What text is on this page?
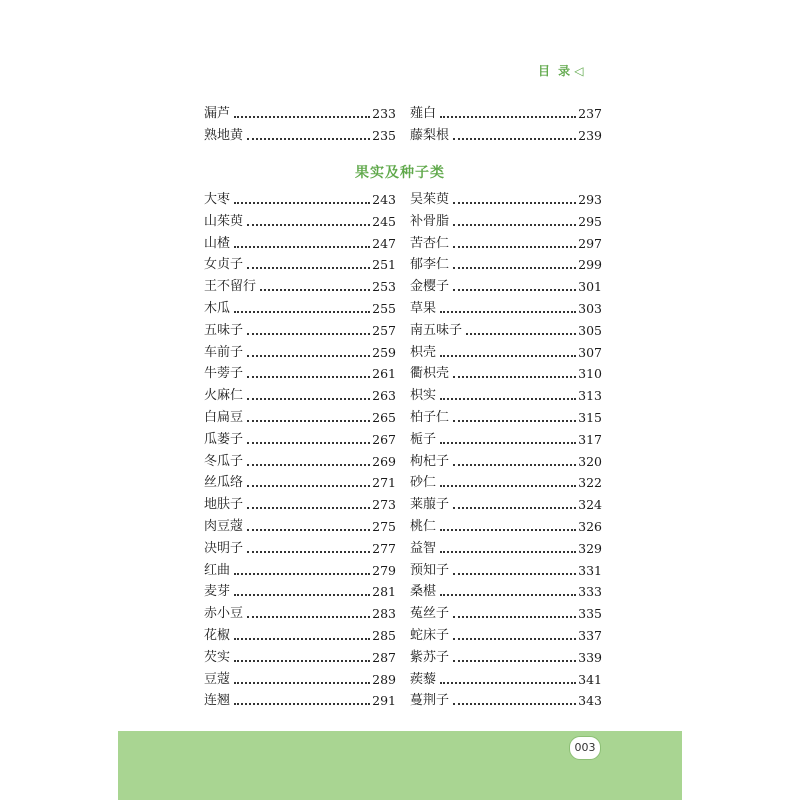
目 录 ◁
漏芦	233
熟地黄	235
薤白	237
藤梨根	239
果实及种子类
大枣	243
山茱萸	245
山楂	247
女贞子	251
王不留行	253
木瓜	255
五味子	257
车前子	259
牛蒡子	261
火麻仁	263
白扁豆	265
瓜蒌子	267
冬瓜子	269
丝瓜络	271
地肤子	273
肉豆蔻	275
决明子	277
红曲	279
麦芽	281
赤小豆	283
花椒	285
芡实	287
豆蔻	289
连翘	291
吴茱萸	293
补骨脂	295
苦杏仁	297
郁李仁	299
金樱子	301
草果	303
南五味子	305
枳壳	307
衢枳壳	310
枳实	313
柏子仁	315
栀子	317
枸杞子	320
砂仁	322
莱菔子	324
桃仁	326
益智	329
预知子	331
桑椹	333
菟丝子	335
蛇床子	337
紫苏子	339
蒺藜	341
蔓荆子	343
003
